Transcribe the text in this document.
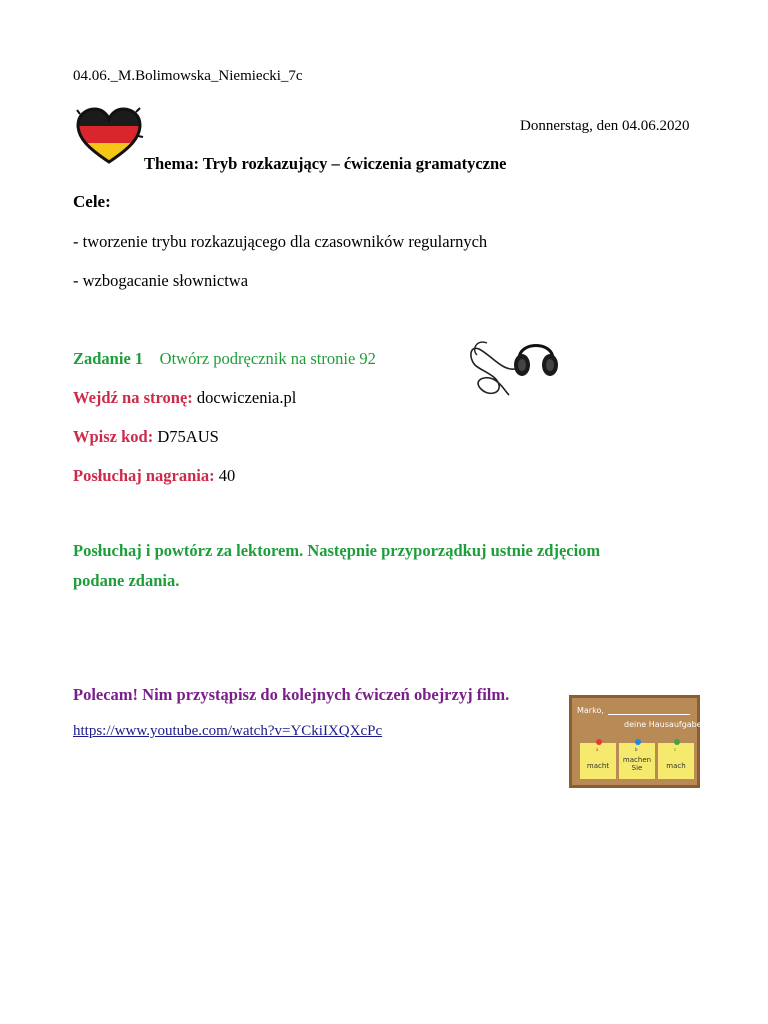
04.06._M.Bolimowska_Niemiecki_7c
Donnerstag, den 04.06.2020
Thema: Tryb rozkazujący – ćwiczenia gramatyczne
Cele:
- tworzenie trybu rozkazującego dla czasowników regularnych
- wzbogacanie słownictwa
Zadanie 1 Otwórz podręcznik na stronie 92
Wejdź na stronę: docwiczenia.pl
Wpisz kod: D75AUS
Posłuchaj nagrania: 40
Posłuchaj i powtórz za lektorem. Następnie przyporządkuj ustnie zdjęciom
podane zdania.
Polecam! Nim przystąpisz do kolejnych ćwiczeń obejrzyj film.
https://www.youtube.com/watch?v=YCkiIXQXcPc
Marko,
deine Hausaufgabe!
a
macht
b
machen Sie
c
mach
